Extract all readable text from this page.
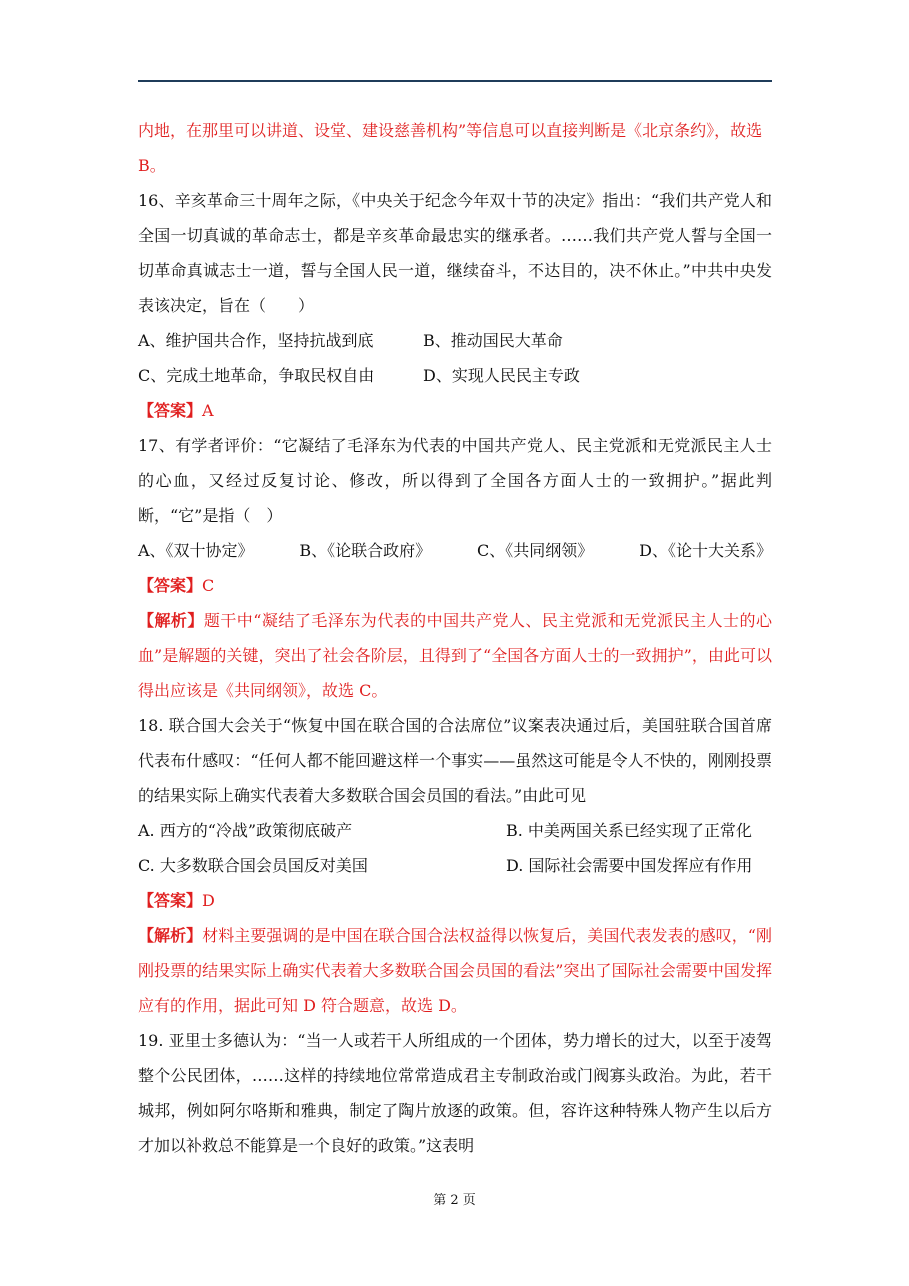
内地，在那里可以讲道、设堂、建设慈善机构”等信息可以直接判断是《北京条约》，故选
B。

16、辛亥革命三十周年之际，《中央关于纪念今年双十节的决定》指出：“我们共产党人和全国一切真诚的革命志士，都是辛亥革命最忠实的继承者。……我们共产党人誓与全国一切革命真诚志士一道，誓与全国人民一道，继续奋斗，不达目的，决不休止。”中共中央发表该决定，旨在（　　）

A、维护国共合作，坚持抗战到底	B、推动国民大革命
C、完成土地革命，争取民权自由	D、实现人民民主专政
【答案】A

17、有学者评价：“它凝结了毛泽东为代表的中国共产党人、民主党派和无党派民主人士的心血，又经过反复讨论、修改，所以得到了全国各方面人士的一致拥护。”据此判断，“它”是指（　）

A、《双十协定》	B、《论联合政府》	C、《共同纲领》	D、《论十大关系》
【答案】C

【解析】题干中“凝结了毛泽东为代表的中国共产党人、民主党派和无党派民主人士的心血”是解题的关键，突出了社会各阶层，且得到了“全国各方面人士的一致拥护”，由此可以得出应该是《共同纲领》，故选 C。

18. 联合国大会关于“恢复中国在联合国的合法席位”议案表决通过后，美国驻联合国首席代表布什感叹：“任何人都不能回避这样一个事实——虽然这可能是令人不快的，刚刚投票的结果实际上确实代表着大多数联合国会员国的看法。”由此可见

A. 西方的“冷战”政策彻底破产	B. 中美两国关系已经实现了正常化
C. 大多数联合国会员国反对美国	D. 国际社会需要中国发挥应有作用
【答案】D

【解析】材料主要强调的是中国在联合国合法权益得以恢复后，美国代表发表的感叹，“刚刚投票的结果实际上确实代表着大多数联合国会员国的看法”突出了国际社会需要中国发挥应有的作用，据此可知 D 符合题意，故选 D。

19. 亚里士多德认为：“当一人或若干人所组成的一个团体，势力增长的过大，以至于凌驾整个公民团体，……这样的持续地位常常造成君主专制政治或门阀寡头政治。为此，若干城邦，例如阿尔咯斯和雅典，制定了陶片放逐的政策。但，容许这种特殊人物产生以后方才加以补救总不能算是一个良好的政策。”这表明

第 2 页
